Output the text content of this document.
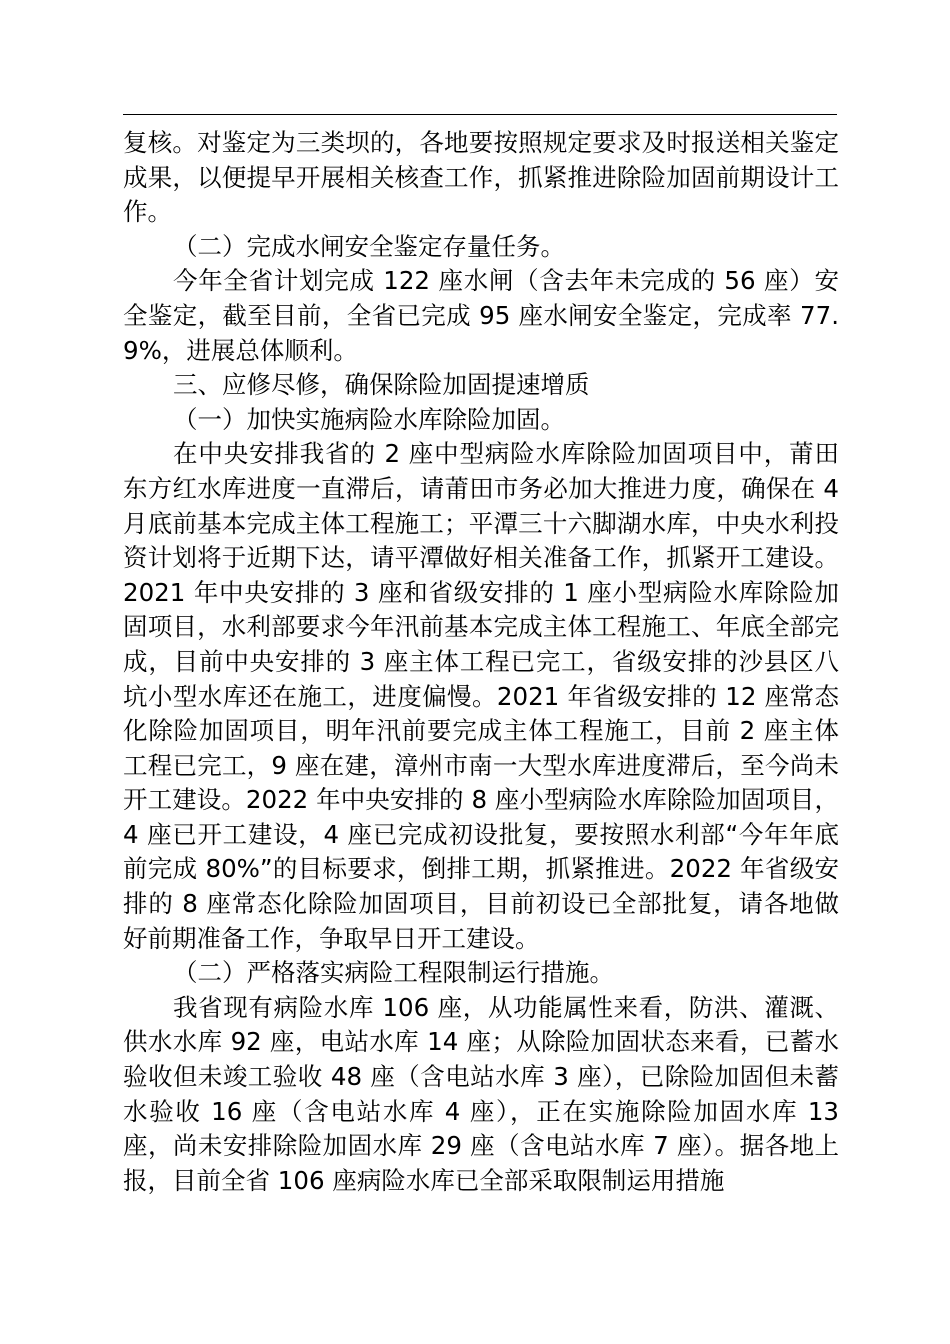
复核。对鉴定为三类坝的，各地要按照规定要求及时报送相关鉴定成果，以便提早开展相关核查工作，抓紧推进除险加固前期设计工作。

（二）完成水闸安全鉴定存量任务。

今年全省计划完成 122 座水闸（含去年未完成的 56 座）安全鉴定，截至目前，全省已完成 95 座水闸安全鉴定，完成率 77.9%，进展总体顺利。

三、应修尽修，确保除险加固提速增质

（一）加快实施病险水库除险加固。

在中央安排我省的 2 座中型病险水库除险加固项目中，莆田东方红水库进度一直滞后，请莆田市务必加大推进力度，确保在 4 月底前基本完成主体工程施工；平潭三十六脚湖水库，中央水利投资计划将于近期下达，请平潭做好相关准备工作，抓紧开工建设。2021 年中央安排的 3 座和省级安排的 1 座小型病险水库除险加固项目，水利部要求今年汛前基本完成主体工程施工、年底全部完成，目前中央安排的 3 座主体工程已完工，省级安排的沙县区八坑小型水库还在施工，进度偏慢。2021 年省级安排的 12 座常态化除险加固项目，明年汛前要完成主体工程施工，目前 2 座主体工程已完工，9 座在建，漳州市南一大型水库进度滞后，至今尚未开工建设。2022 年中央安排的 8 座小型病险水库除险加固项目，4 座已开工建设，4 座已完成初设批复，要按照水利部“今年年底前完成 80%”的目标要求，倒排工期，抓紧推进。2022 年省级安排的 8 座常态化除险加固项目，目前初设已全部批复，请各地做好前期准备工作，争取早日开工建设。

（二）严格落实病险工程限制运行措施。

我省现有病险水库 106 座，从功能属性来看，防洪、灌溉、供水水库 92 座，电站水库 14 座；从除险加固状态来看，已蓄水验收但未竣工验收 48 座（含电站水库 3 座），已除险加固但未蓄水验收 16 座（含电站水库 4 座），正在实施除险加固水库 13 座，尚未安排除险加固水库 29 座（含电站水库 7 座）。据各地上报，目前全省 106 座病险水库已全部采取限制运用措施
